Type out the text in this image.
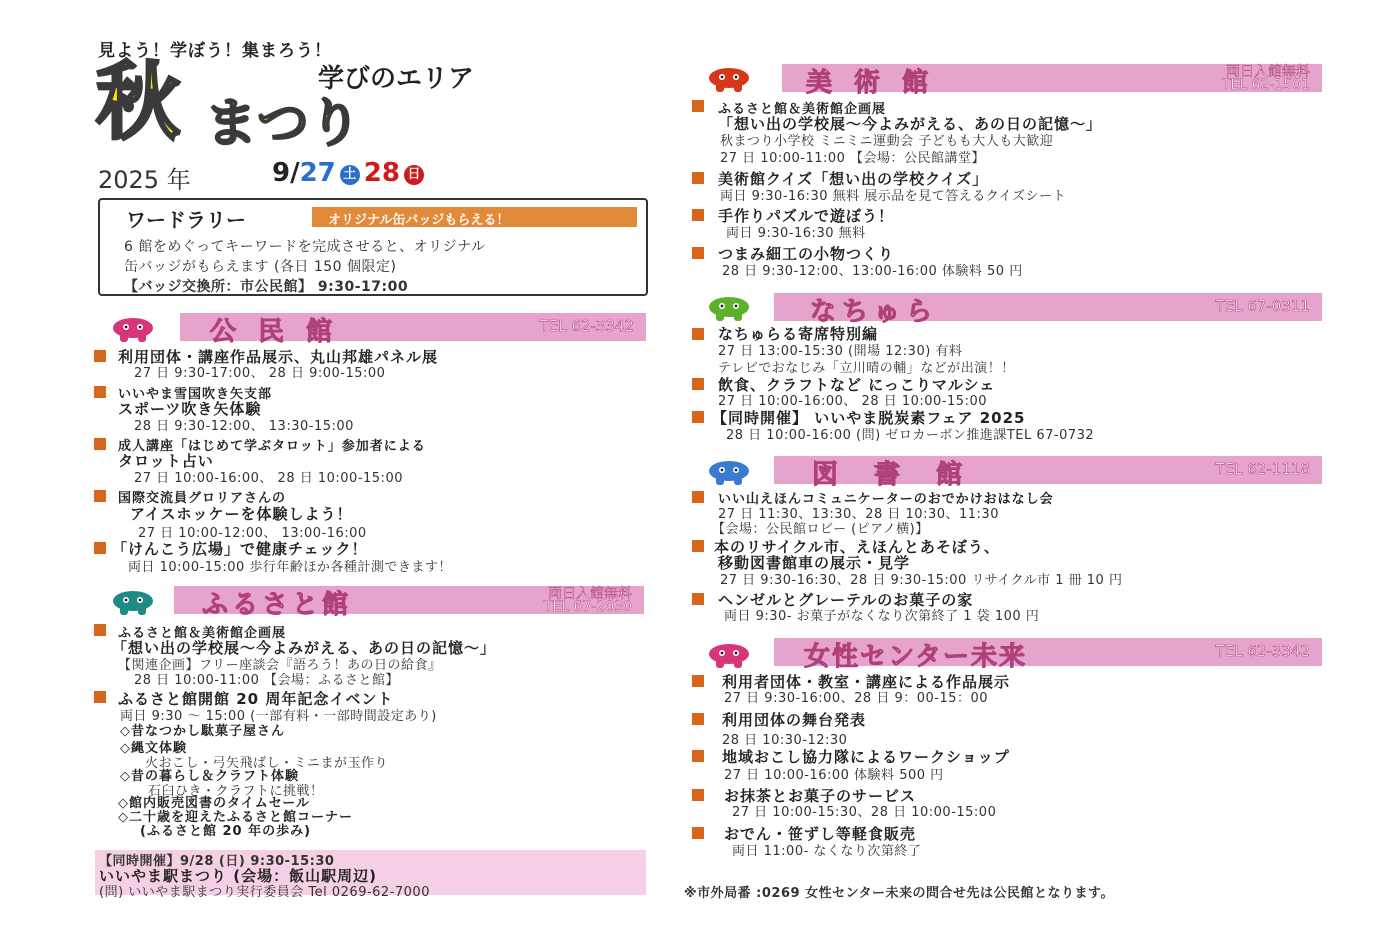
見よう！学ぼう！集まろう！
秋	学びのエリア
まつり
2025 年	9/27 土 28 日
ワードラリー	オリジナル缶バッジもらえる！
6 館をめぐってキーワードを完成させると、オリジナル
缶バッジがもらえます (各日 150 個限定)
【バッジ交換所：市公民館】 9:30-17:00
公民館	TEL 62-3342
利用団体・講座作品展示、丸山邦雄パネル展
27 日 9:30-17:00、 28 日 9:00-15:00
いいやま雪国吹き矢支部
スポーツ吹き矢体験
28 日 9:30-12:00、 13:30-15:00
成人講座「はじめて学ぶタロット」参加者による
タロット占い
27 日 10:00-16:00、 28 日 10:00-15:00
国際交流員グロリアさんの
アイスホッケーを体験しよう！
27 日 10:00-12:00、 13:00-16:00
「けんこう広場」で健康チェック！
両日 10:00-15:00 歩行年齢ほか各種計測できます！
ふるさと館	両日入館無料
TEL 67-2030
ふるさと館＆美術館企画展
「想い出の学校展～今よみがえる、あの日の記憶～」
【関連企画】フリー座談会『語ろう！あの日の給食』
28 日 10:00-11:00 【会場：ふるさと館】
ふるさと館開館 20 周年記念イベント
両日 9:30 ～ 15:00 (一部有料・一部時間設定あり)
◇昔なつかし駄菓子屋さん
◇縄文体験
火おこし・弓矢飛ばし・ミニまが玉作り
◇昔の暮らし＆クラフト体験
石臼ひき・クラフトに挑戦！
◇館内販売図書のタイムセール
◇二十歳を迎えたふるさと館コーナー
(ふるさと館 20 年の歩み)
【同時開催】9/28 (日) 9:30-15:30
いいやま駅まつり (会場：飯山駅周辺)
(問) いいやま駅まつり実行委員会 Tel 0269-62-7000
美術館	両日入館無料
TEL 62-1501
ふるさと館＆美術館企画展
「想い出の学校展～今よみがえる、あの日の記憶～」
秋まつり小学校 ミニミニ運動会 子どもも大人も大歓迎
27 日 10:00-11:00 【会場：公民館講堂】
美術館クイズ「想い出の学校クイズ」
両日 9:30-16:30 無料 展示品を見て答えるクイズシート
手作りパズルで遊ぼう！
両日 9:30-16:30 無料
つまみ細工の小物つくり
28 日 9:30-12:00、13:00-16:00 体験料 50 円
なちゅら	TEL 67-0311
なちゅらる寄席特別編
27 日 13:00-15:30 (開場 12:30) 有料
テレビでおなじみ「立川晴の輔」などが出演！！
飲食、クラフトなど にっこりマルシェ
27 日 10:00-16:00、 28 日 10:00-15:00
【同時開催】 いいやま脱炭素フェア 2025
28 日 10:00-16:00 (問) ゼロカーボン推進課TEL 67-0732
図書館	TEL 62-1118
いい山えほんコミュニケーターのおでかけおはなし会
27 日 11:30、13:30、28 日 10:30、11:30
【会場：公民館ロビー (ピアノ横)】
本のリサイクル市、えほんとあそぼう、
移動図書館車の展示・見学
27 日 9:30-16:30、28 日 9:30-15:00 リサイクル市 1 冊 10 円
ヘンゼルとグレーテルのお菓子の家
両日 9:30- お菓子がなくなり次第終了 1 袋 100 円
女性センター未来	TEL 62-3342
利用者団体・教室・講座による作品展示
27 日 9:30-16:00、28 日 9：00-15：00
利用団体の舞台発表
28 日 10:30-12:30
地域おこし協力隊によるワークショップ
27 日 10:00-16:00 体験料 500 円
お抹茶とお菓子のサービス
27 日 10:00-15:30、28 日 10:00-15:00
おでん・笹ずし等軽食販売
両日 11:00- なくなり次第終了
※市外局番 :0269 女性センター未来の問合せ先は公民館となります。
